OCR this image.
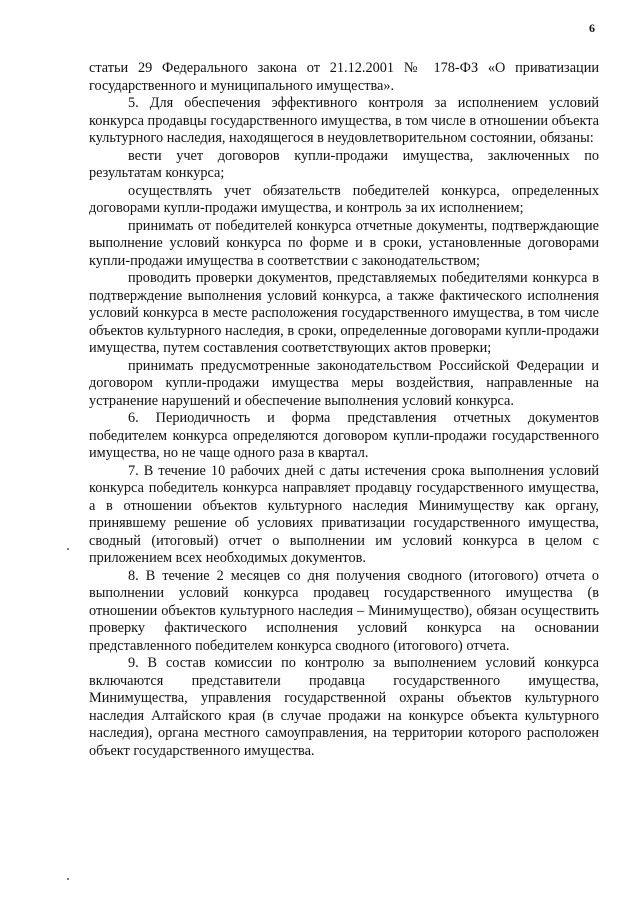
6

статьи 29 Федерального закона от 21.12.2001 № 178-ФЗ «О приватизации государственного и муниципального имущества».

5. Для обеспечения эффективного контроля за исполнением условий конкурса продавцы государственного имущества, в том числе в отношении объекта культурного наследия, находящегося в неудовлетворительном состоянии, обязаны:

вести учет договоров купли-продажи имущества, заключенных по результатам конкурса;

осуществлять учет обязательств победителей конкурса, определенных договорами купли-продажи имущества, и контроль за их исполнением;

принимать от победителей конкурса отчетные документы, подтверждающие выполнение условий конкурса по форме и в сроки, установленные договорами купли-продажи имущества в соответствии с законодательством;

проводить проверки документов, представляемых победителями конкурса в подтверждение выполнения условий конкурса, а также фактического исполнения условий конкурса в месте расположения государственного имущества, в том числе объектов культурного наследия, в сроки, определенные договорами купли-продажи имущества, путем составления соответствующих актов проверки;

принимать предусмотренные законодательством Российской Федерации и договором купли-продажи имущества меры воздействия, направленные на устранение нарушений и обеспечение выполнения условий конкурса.

6. Периодичность и форма представления отчетных документов победителем конкурса определяются договором купли-продажи государственного имущества, но не чаще одного раза в квартал.

7. В течение 10 рабочих дней с даты истечения срока выполнения условий конкурса победитель конкурса направляет продавцу государственного имущества, а в отношении объектов культурного наследия Минимуществу как органу, принявшему решение об условиях приватизации государственного имущества, сводный (итоговый) отчет о выполнении им условий конкурса в целом с приложением всех необходимых документов.

8. В течение 2 месяцев со дня получения сводного (итогового) отчета о выполнении условий конкурса продавец государственного имущества (в отношении объектов культурного наследия – Минимущество), обязан осуществить проверку фактического исполнения условий конкурса на основании представленного победителем конкурса сводного (итогового) отчета.

9. В состав комиссии по контролю за выполнением условий конкурса включаются представители продавца государственного имущества, Минимущества, управления государственной охраны объектов культурного наследия Алтайского края (в случае продажи на конкурсе объекта культурного наследия), органа местного самоуправления, на территории которого расположен объект государственного имущества.
